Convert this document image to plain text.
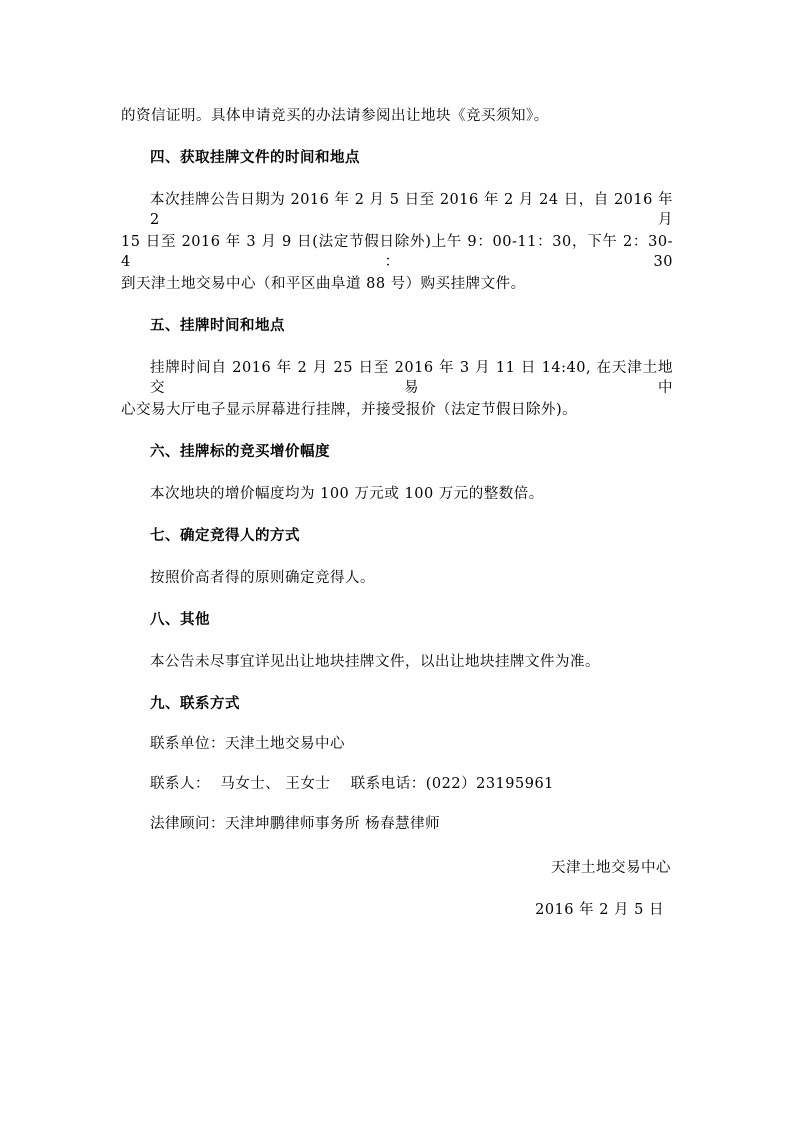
的资信证明。具体申请竞买的办法请参阅出让地块《竞买须知》。
四、获取挂牌文件的时间和地点
本次挂牌公告日期为 2016 年 2 月 5 日至 2016 年 2 月 24 日，自 2016 年 2 月
15 日至 2016 年 3 月 9 日(法定节假日除外)上午 9：00-11：30，下午 2：30-4：30
到天津土地交易中心（和平区曲阜道 88 号）购买挂牌文件。
五、挂牌时间和地点
挂牌时间自 2016 年 2 月 25 日至 2016 年 3 月 11 日 14:40, 在天津土地交易中
心交易大厅电子显示屏幕进行挂牌，并接受报价（法定节假日除外)。
六、挂牌标的竞买增价幅度
本次地块的增价幅度均为 100 万元或 100 万元的整数倍。
七、确定竞得人的方式
按照价高者得的原则确定竞得人。
八、其他
本公告未尽事宜详见出让地块挂牌文件，以出让地块挂牌文件为准。
九、联系方式
联系单位：天津土地交易中心
联系人：  马女士、 王女士    联系电话：(022）23195961
法律顾问：天津坤鹏律师事务所 杨春慧律师
天津土地交易中心
2016 年 2 月 5 日
